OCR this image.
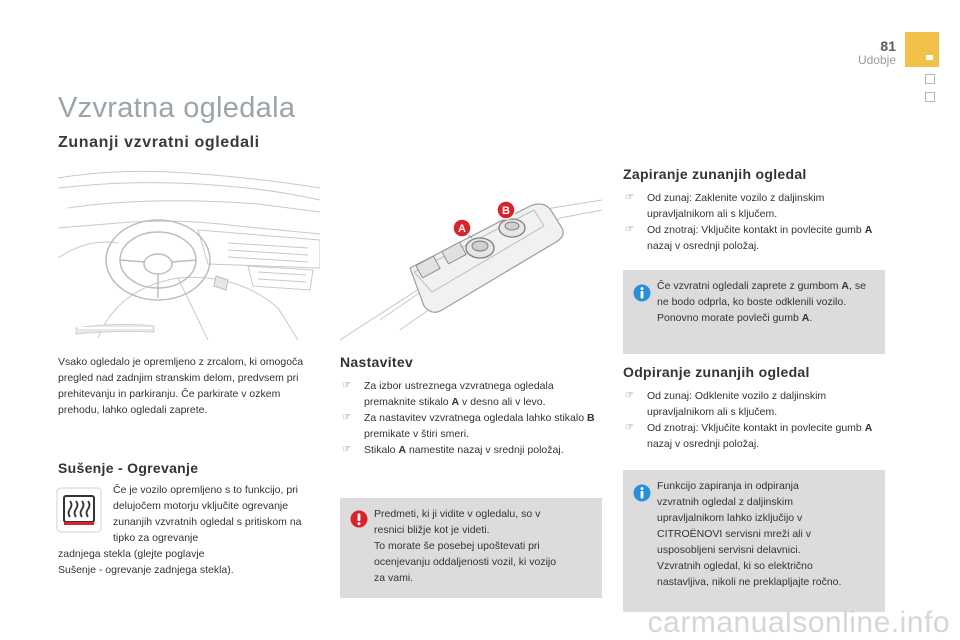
81
Udobje
Vzvratna ogledala
Zunanji vzvratni ogledali
Vsako ogledalo je opremljeno z zrcalom, ki omogoča pregled nad zadnjim stranskim delom, predvsem pri prehitevanju in parkiranju. Če parkirate v ozkem prehodu, lahko ogledali zaprete.
Sušenje - Ogrevanje
Če je vozilo opremljeno s to funkcijo, pri delujočem motorju vključite ogrevanje zunanjih vzvratnih ogledal s pritiskom na tipko za ogrevanje
zadnjega stekla (glejte poglavje
Sušenje - ogrevanje zadnjega stekla).
A
B
Nastavitev
☞ Za izbor ustreznega vzvratnega ogledala premaknite stikalo A v desno ali v levo.
☞ Za nastavitev vzvratnega ogledala lahko stikalo B premikate v štiri smeri.
☞ Stikalo A namestite nazaj v srednji položaj.
Predmeti, ki ji vidite v ogledalu, so v
resnici bližje kot je videti.
To morate še posebej upoštevati pri
ocenjevanju oddaljenosti vozil, ki vozijo
za vami.
Zapiranje zunanjih ogledal
☞ Od zunaj: Zaklenite vozilo z daljinskim upravljalnikom ali s ključem.
☞ Od znotraj: Vključite kontakt in povlecite gumb A nazaj v osrednji položaj.
Če vzvratni ogledali zaprete z gumbom A, se ne bodo odprla, ko boste odklenili vozilo. Ponovno morate povleči gumb A.
Odpiranje zunanjih ogledal
☞ Od zunaj: Odklenite vozilo z daljinskim upravljalnikom ali s ključem.
☞ Od znotraj: Vključite kontakt in povlecite gumb A nazaj v osrednji položaj.
Funkcijo zapiranja in odpiranja
vzvratnih ogledal z daljinskim
upravljalnikom lahko izključijo v
CITROËNOVI servisni mreži ali v
usposobljeni servisni delavnici.
Vzvratnih ogledal, ki so električno
nastavljiva, nikoli ne preklapljajte ročno.
carmanualsonline.info
